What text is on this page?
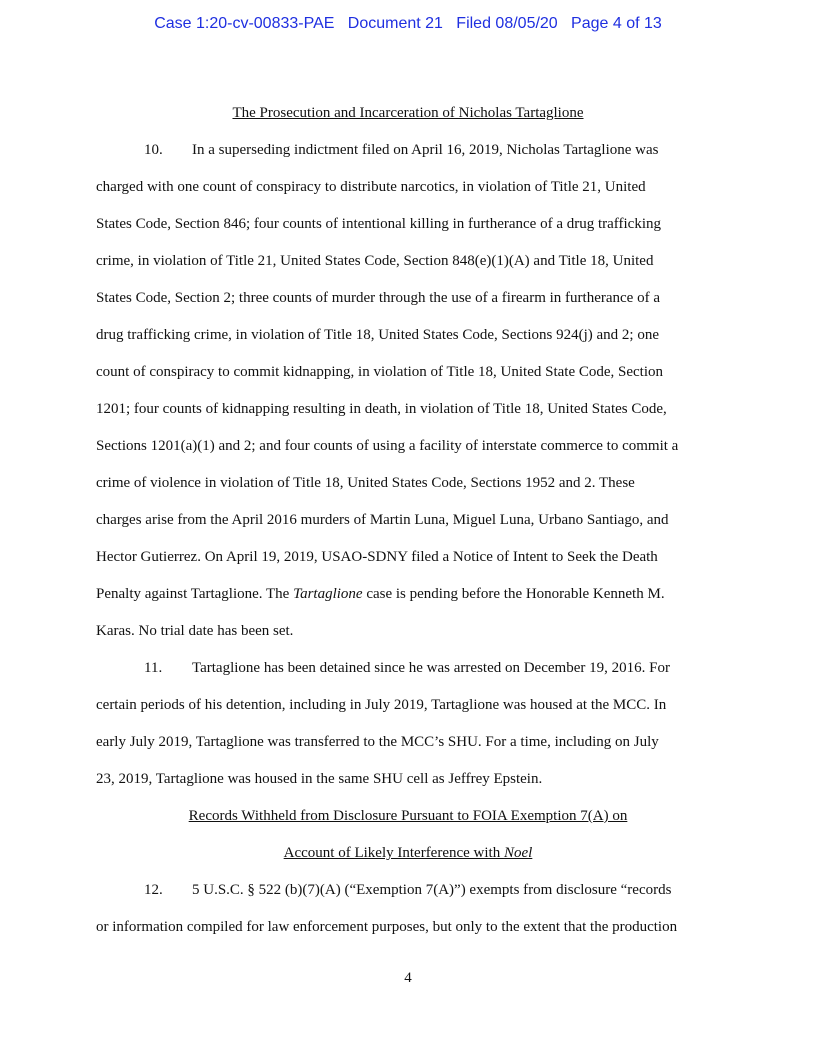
Case 1:20-cv-00833-PAE Document 21 Filed 08/05/20 Page 4 of 13

The Prosecution and Incarceration of Nicholas Tartaglione

10. In a superseding indictment filed on April 16, 2019, Nicholas Tartaglione was

charged with one count of conspiracy to distribute narcotics, in violation of Title 21, United
States Code, Section 846; four counts of intentional killing in furtherance of a drug trafficking
crime, in violation of Title 21, United States Code, Section 848(e)(1)(A) and Title 18, United
States Code, Section 2; three counts of murder through the use of a firearm in furtherance of a
drug trafficking crime, in violation of Title 18, United States Code, Sections 924(j) and 2; one
count of conspiracy to commit kidnapping, in violation of Title 18, United State Code, Section
1201; four counts of kidnapping resulting in death, in violation of Title 18, United States Code,
Sections 1201(a)(1) and 2; and four counts of using a facility of interstate commerce to commit a
crime of violence in violation of Title 18, United States Code, Sections 1952 and 2. These
charges arise from the April 2016 murders of Martin Luna, Miguel Luna, Urbano Santiago, and
Hector Gutierrez. On April 19, 2019, USAO-SDNY filed a Notice of Intent to Seek the Death
Penalty against Tartaglione. The Tartaglione case is pending before the Honorable Kenneth M.
Karas. No trial date has been set.

11. Tartaglione has been detained since he was arrested on December 19, 2016. For

certain periods of his detention, including in July 2019, Tartaglione was housed at the MCC. In
early July 2019, Tartaglione was transferred to the MCC’s SHU. For a time, including on July
23, 2019, Tartaglione was housed in the same SHU cell as Jeffrey Epstein.

Records Withheld from Disclosure Pursuant to FOIA Exemption 7(A) on

Account of Likely Interference with Noel

12. 5 U.S.C. § 522 (b)(7)(A) (“Exemption 7(A)”) exempts from disclosure “records

or information compiled for law enforcement purposes, but only to the extent that the production

4
